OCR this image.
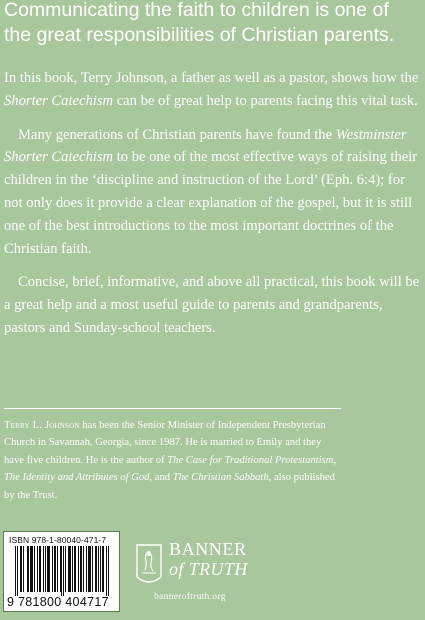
Communicating the faith to children is one of the great responsibilities of Christian parents.

In this book, Terry Johnson, a father as well as a pastor, shows how the Shorter Catechism can be of great help to parents facing this vital task.

Many generations of Christian parents have found the Westminster Shorter Catechism to be one of the most effective ways of raising their children in the ‘discipline and instruction of the Lord’ (Eph. 6:4); for not only does it provide a clear explanation of the gospel, but it is still one of the best introductions to the most important doctrines of the Christian faith.

Concise, brief, informative, and above all practical, this book will be a great help and a most useful guide to parents and grandparents, pastors and Sunday-school teachers.

Terry L. Johnson has been the Senior Minister of Independent Presbyterian Church in Savannah, Georgia, since 1987. He is married to Emily and they have five children. He is the author of The Case for Traditional Protestantism, The Identity and Attributes of God, and The Christian Sabbath, also published by the Trust.
ISBN 978-1-80040-471-7
9 781800 404717
BANNER
of TRUTH
banneroftruth.org
